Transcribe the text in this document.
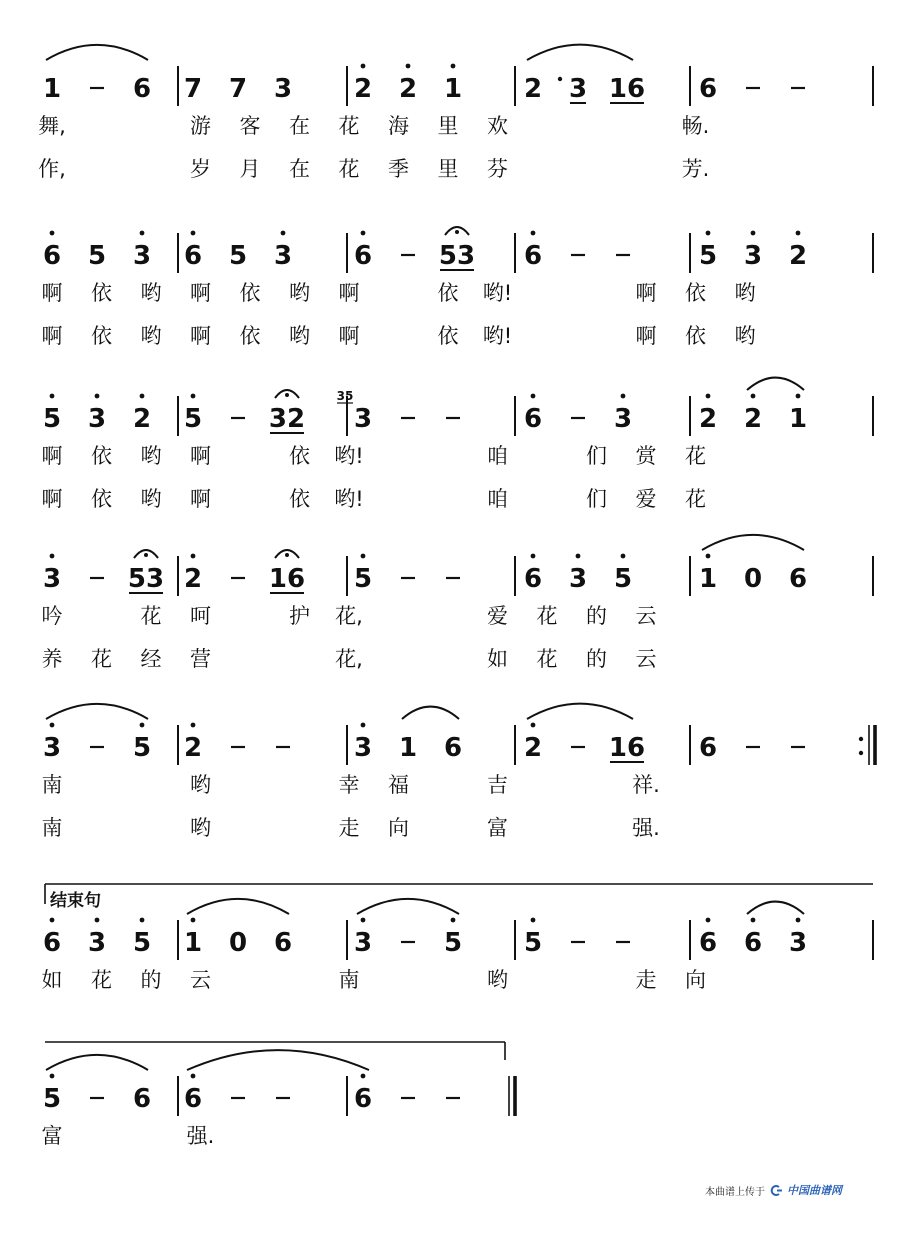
1	6 7 7 3 2 2 1 2 3 16 6
舞,	游 客 在 花 海 里 欢	畅.
作,	岁 月 在 花 季 里 芬	芳.
6 5 3 6 5 3 6	53 6	5 3 2
啊 依 哟 啊 依 哟 啊	依 哟!	啊 依 哟
啊 依 哟 啊 依 哟 啊	依 哟!	啊 依 哟
5 3 2 5	32
35
3	6	3	2 2 1
啊 依 哟 啊	依 哟!	咱	们 赏 花
啊 依 哟 啊	依 哟!	咱	们 爱 花
3	53 2	16 5	6 3 5	1 0 6
吟	花 呵	护 花,	爱 花 的 云
养 花 经 营	花,	如 花 的 云
3	5 2	3 1 6 2	16 6
南	哟	幸 福	吉	祥.
南	哟	走 向	富	强.
结束句
6 3 5 1 0 6 3	5 5	6 6 3
如 花 的 云	南	哟	走 向
5	6 6	6
富	强.
本曲谱上传于 中国曲谱网
